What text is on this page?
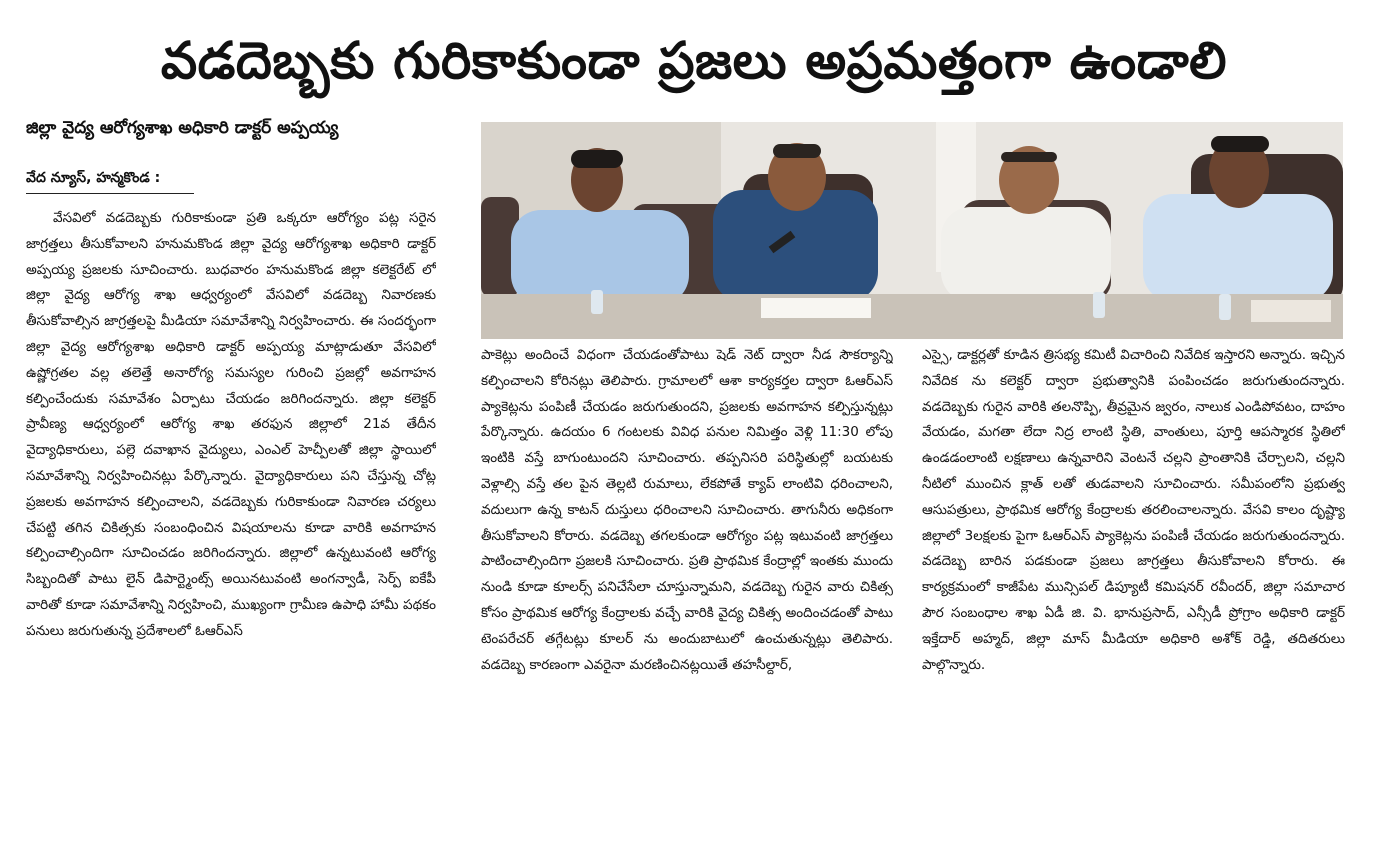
వడదెబ్బకు గురికాకుండా ప్రజలు అప్రమత్తంగా ఉండాలి
జిల్లా వైద్య ఆరోగ్యశాఖ అధికారి డాక్టర్ అప్పయ్య
వేద న్యూస్, హన్మకొండ :

వేసవిలో వడదెబ్బకు గురికాకుండా ప్రతి ఒక్కరూ ఆరోగ్యం పట్ల సరైన జాగ్రత్తలు తీసుకోవాలని హనుమకొండ జిల్లా వైద్య ఆరోగ్యశాఖ అధికారి డాక్టర్ అప్పయ్య ప్రజలకు సూచించారు. బుధవారం హనుమకొండ జిల్లా కలెక్టరేట్ లో జిల్లా వైద్య ఆరోగ్య శాఖ ఆధ్వర్యంలో వేసవిలో వడదెబ్బ నివారణకు తీసుకోవాల్సిన జాగ్రత్తలపై మీడియా సమావేశాన్ని నిర్వహించారు. ఈ సందర్భంగా జిల్లా వైద్య ఆరోగ్యశాఖ అధికారి డాక్టర్ అప్పయ్య మాట్లాడుతూ వేసవిలో ఉష్ణోగ్రతల వల్ల తలెత్తే అనారోగ్య సమస్యల గురించి ప్రజల్లో అవగాహన కల్పించేందుకు సమావేశం ఏర్పాటు చేయడం జరిగిందన్నారు. జిల్లా కలెక్టర్ ప్రావీణ్య ఆధ్వర్యంలో ఆరోగ్య శాఖ తరఫున జిల్లాలో 21వ తేదీన వైద్యాధికారులు, పల్లె దవాఖాన వైద్యులు, ఎంఎల్ హెచ్పీలతో జిల్లా స్థాయిలో సమావేశాన్ని నిర్వహించినట్లు పేర్కొన్నారు. వైద్యాధికారులు పని చేస్తున్న చోట్ల ప్రజలకు అవగాహన కల్పించాలని, వడదెబ్బకు గురికాకుండా నివారణ చర్యలు చేపట్టి తగిన చికిత్సకు సంబంధించిన విషయాలను కూడా వారికి అవగాహన కల్పించాల్సిందిగా సూచించడం జరిగిందన్నారు. జిల్లాలో ఉన్నటువంటి ఆరోగ్య సిబ్బందితో పాటు లైన్ డిపార్ట్మెంట్స్ అయినటువంటి అంగన్వాడీ, సెర్ప్ ఐకేపీ వారితో కూడా సమావేశాన్ని నిర్వహించి, ముఖ్యంగా గ్రామీణ ఉపాధి హామీ పథకం పనులు జరుగుతున్న ప్రదేశాలలో ఓఆర్ఎస్

పాకెట్లు అందించే విధంగా చేయడంతోపాటు షెడ్ నెట్ ద్వారా నీడ సౌకర్యాన్ని కల్పించాలని కోరినట్లు తెలిపారు. గ్రామాలలో ఆశా కార్యకర్తల ద్వారా ఓఆర్ఎస్ ప్యాకెట్లను పంపిణీ చేయడం జరుగుతుందని, ప్రజలకు అవగాహన కల్పిస్తున్నట్లు పేర్కొన్నారు. ఉదయం 6 గంటలకు వివిధ పనుల నిమిత్తం వెళ్లి 11:30 లోపు ఇంటికి వస్తే బాగుంటుందని సూచించారు. తప్పనిసరి పరిస్థితుల్లో బయటకు వెళ్లాల్సి వస్తే తల పైన తెల్లటి రుమాలు, లేకపోతే క్యాప్ లాంటివి ధరించాలని, వదులుగా ఉన్న కాటన్ దుస్తులు ధరించాలని సూచించారు. తాగునీరు అధికంగా తీసుకోవాలని కోరారు. వడదెబ్బ తగలకుండా ఆరోగ్యం పట్ల ఇటువంటి జాగ్రత్తలు పాటించాల్సిందిగా ప్రజలకి సూచించారు. ప్రతి ప్రాథమిక కేంద్రాల్లో ఇంతకు ముందు నుండి కూడా కూలర్స్ పనిచేసేలా చూస్తున్నామని, వడదెబ్బ గురైన వారు చికిత్స కోసం ప్రాథమిక ఆరోగ్య కేంద్రాలకు వచ్చే వారికి వైద్య చికిత్స అందించడంతో పాటు టెంపరేచర్ తగ్గేటట్లు కూలర్ ను అందుబాటులో ఉంచుతున్నట్లు తెలిపారు. వడదెబ్బ కారణంగా ఎవరైనా మరణించినట్లయితే తహసీల్దార్,

ఎస్సై, డాక్టర్లతో కూడిన త్రిసభ్య కమిటీ విచారించి నివేదిక ఇస్తారని అన్నారు. ఇచ్చిన నివేదిక ను కలెక్టర్ ద్వారా ప్రభుత్వానికి పంపించడం జరుగుతుందన్నారు. వడదెబ్బకు గురైన వారికి తలనొప్పి, తీవ్రమైన జ్వరం, నాలుక ఎండిపోవటం, దాహం వేయడం, మగతా లేదా నిద్ర లాంటి స్థితి, వాంతులు, పూర్తి ఆపస్మారక స్థితిలో ఉండడంలాంటి లక్షణాలు ఉన్నవారిని వెంటనే చల్లని ప్రాంతానికి చేర్చాలని, చల్లని నీటిలో ముంచిన క్లాత్ లతో తుడవాలని సూచించారు. సమీపంలోని ప్రభుత్వ ఆసుపత్రులు, ప్రాథమిక ఆరోగ్య కేంద్రాలకు తరలించాలన్నారు. వేసవి కాలం దృష్ట్యా జిల్లాలో 3లక్షలకు పైగా ఓఆర్ఎస్ ప్యాకెట్లను పంపిణీ చేయడం జరుగుతుందన్నారు. వడదెబ్బ బారిన పడకుండా ప్రజలు జాగ్రత్తలు తీసుకోవాలని కోరారు. ఈ కార్యక్రమంలో కాజీపేట మున్సిపల్ డిప్యూటీ కమిషనర్ రవీందర్, జిల్లా సమాచార పౌర సంబంధాల శాఖ ఏడీ జి. వి. భానుప్రసాద్, ఎన్సీడీ ప్రోగ్రాం అధికారి డాక్టర్ ఇక్తేదార్ అహ్మద్, జిల్లా మాస్ మీడియా అధికారి అశోక్ రెడ్డి, తదితరులు పాల్గొన్నారు.
